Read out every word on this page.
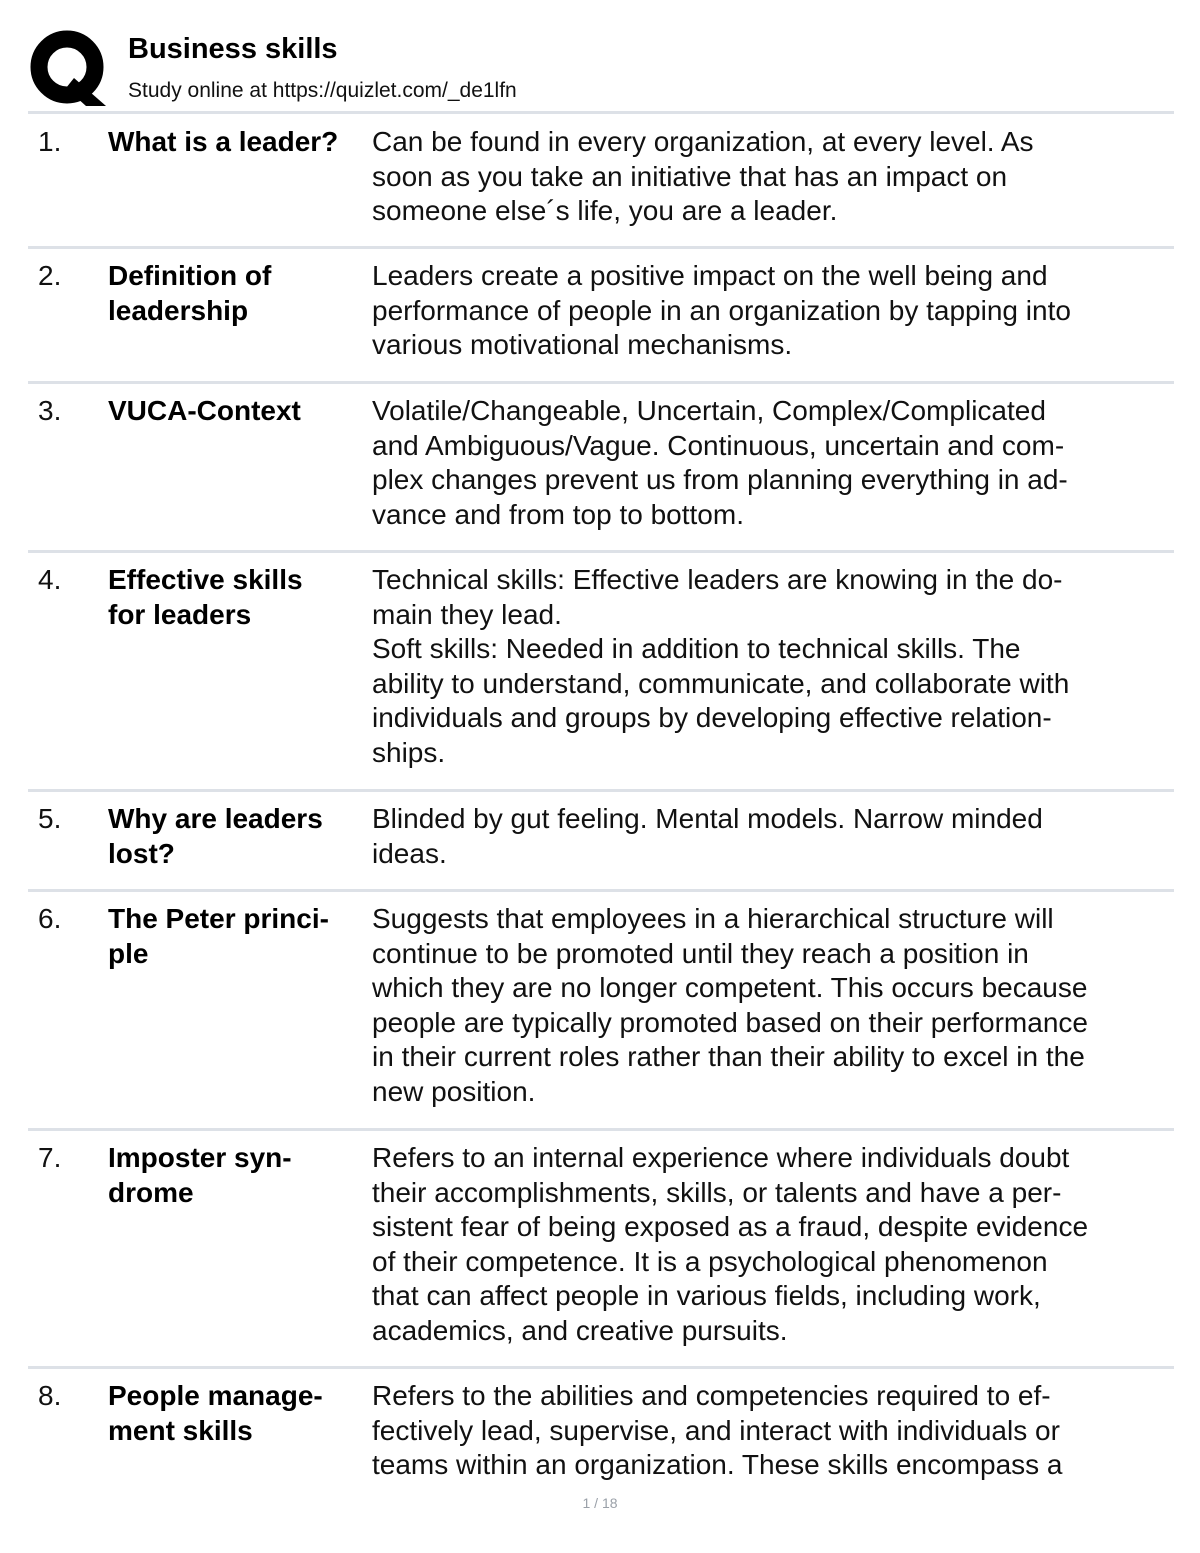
Business skills
Study online at https://quizlet.com/_de1lfn
1. What is a leader?	Can be found in every organization, at every level. As
soon as you take an initiative that has an impact on
someone else´s life, you are a leader.
2. Definition of
leadership
Leaders create a positive impact on the well being and
performance of people in an organization by tapping into
various motivational mechanisms.
3. VUCA-Context	Volatile/Changeable, Uncertain, Complex/Complicated
and Ambiguous/Vague. Continuous, uncertain and com-
plex changes prevent us from planning everything in ad-
vance and from top to bottom.
4. Effective skills
for leaders
Technical skills: Effective leaders are knowing in the do-
main they lead.
Soft skills: Needed in addition to technical skills. The
ability to understand, communicate, and collaborate with
individuals and groups by developing effective relation-
ships.
5. Why are leaders
lost?
Blinded by gut feeling. Mental models. Narrow minded
ideas.
6. The Peter princi-
ple
Suggests that employees in a hierarchical structure will
continue to be promoted until they reach a position in
which they are no longer competent. This occurs because
people are typically promoted based on their performance
in their current roles rather than their ability to excel in the
new position.
7. Imposter syn-
drome
Refers to an internal experience where individuals doubt
their accomplishments, skills, or talents and have a per-
sistent fear of being exposed as a fraud, despite evidence
of their competence. It is a psychological phenomenon
that can affect people in various fields, including work,
academics, and creative pursuits.
8. People manage-
ment skills
Refers to the abilities and competencies required to ef-
fectively lead, supervise, and interact with individuals or
teams within an organization. These skills encompass a
1 / 18
